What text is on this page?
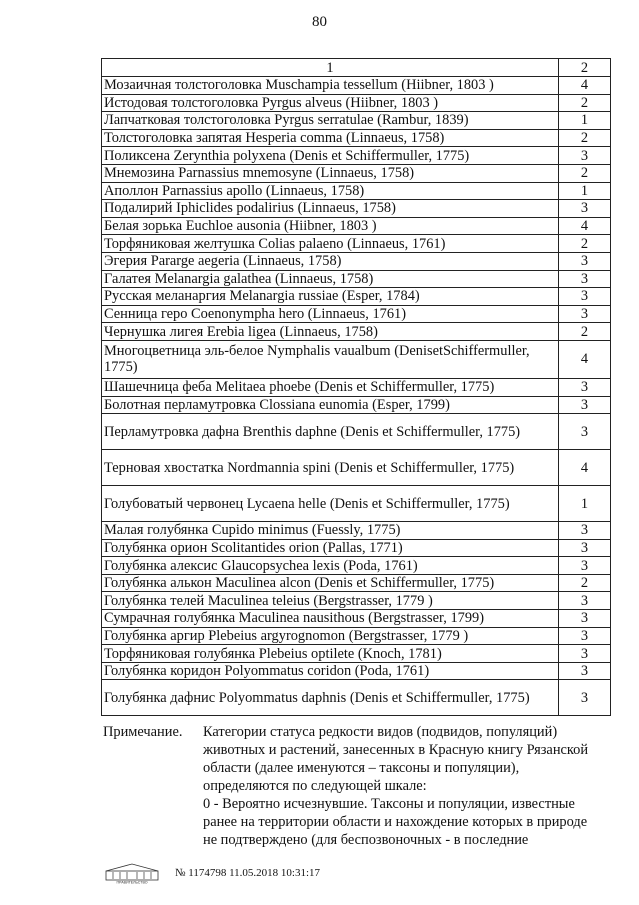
80
1	2
Мозаичная толстоголовка Muschampia tessellum (Hiibner, 1803 )	4
Истодовая толстоголовка Pyrgus alveus (Hiibner, 1803 )	2
Лапчатковая толстоголовка Pyrgus serratulae (Rambur, 1839)	1
Толстоголовка запятая Hesperia comma (Linnaeus, 1758)	2
Поликсена Zerynthia polyxena (Denis et Schiffermuller, 1775)	3
Мнемозина Parnassius mnemosyne (Linnaeus, 1758)	2
Аполлон Parnassius apollo (Linnaeus, 1758)	1
Подалирий Iphiclides podalirius (Linnaeus, 1758)	3
Белая зорька Euchloe ausonia (Hiibner, 1803 )	4
Торфяниковая желтушка Colias palaeno (Linnaeus, 1761)	2
Эгерия Pararge aegeria (Linnaeus, 1758)	3
Галатея Melanargia galathea (Linnaeus, 1758)	3
Русская меланаргия Melanargia russiae (Esper, 1784)	3
Сенница геро Coenonympha hero (Linnaeus, 1761)	3
Чернушка лигея Erebia ligea (Linnaeus, 1758)	2
Многоцветница эль-белое Nymphalis vaualbum (DenisetSchiffermuller, 1775)	4
Шашечница феба Melitaea phoebe (Denis et Schiffermuller, 1775)	3
Болотная перламутровка Clossiana eunomia (Esper, 1799)	3
Перламутровка дафна Brenthis daphne (Denis et Schiffermuller, 1775)	3
Терновая хвостатка Nordmannia spini (Denis et Schiffermuller, 1775)	4
Голубоватый червонец Lycaena helle (Denis et Schiffermuller, 1775)	1
Малая голубянка Cupido minimus (Fuessly, 1775)	3
Голубянка орион Scolitantides orion (Pallas, 1771)	3
Голубянка алексис Glaucopsychea lexis (Poda, 1761)	3
Голубянка алькон Maculinea alcon (Denis et Schiffermuller, 1775)	2
Голубянка телей Maculinea teleius (Bergstrasser, 1779 )	3
Сумрачная голубянка Maculinea nausithous (Bergstrasser, 1799)	3
Голубянка аргир Plebeius argyrognomon (Bergstrasser, 1779 )	3
Торфяниковая голубянка Plebeius optilete (Knoch, 1781)	3
Голубянка коридон Polyommatus coridon (Poda, 1761)	3
Голубянка дафнис Polyommatus daphnis (Denis et Schiffermuller, 1775)	3
Примечание. Категории статуса редкости видов (подвидов, популяций)
животных и растений, занесенных в Красную книгу Рязанской
области (далее именуются – таксоны и популяции),
определяются по следующей шкале:
0 - Вероятно исчезнувшие. Таксоны и популяции, известные
ранее на территории области и нахождение которых в природе
не подтверждено (для беспозвоночных - в последние
ПРАВИТЕЛЬСТВО
№ 1174798 11.05.2018 10:31:17
